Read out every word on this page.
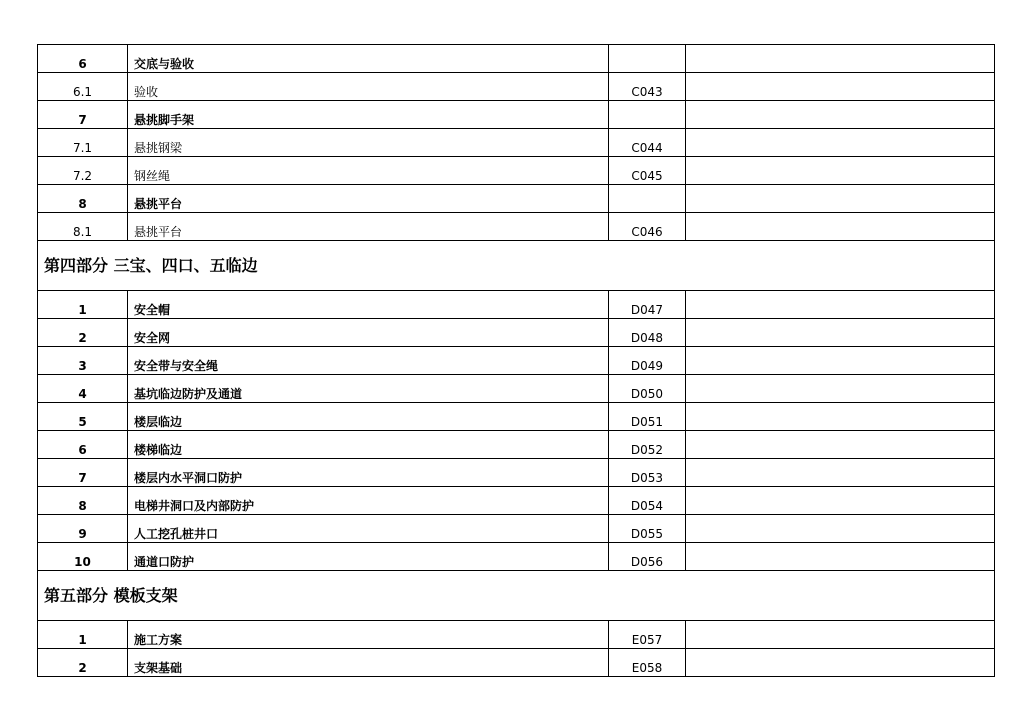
6	交底与验收		
6.1	验收	C043	
7	悬挑脚手架		
7.1	悬挑钢梁	C044	
7.2	钢丝绳	C045	
8	悬挑平台		
8.1	悬挑平台	C046	
第四部分 三宝、四口、五临边			
1	安全帽	D047	
2	安全网	D048	
3	安全带与安全绳	D049	
4	基坑临边防护及通道	D050	
5	楼层临边	D051	
6	楼梯临边	D052	
7	楼层内水平洞口防护	D053	
8	电梯井洞口及内部防护	D054	
9	人工挖孔桩井口	D055	
10	通道口防护	D056	
第五部分 模板支架			
1	施工方案	E057	
2	支架基础	E058	
